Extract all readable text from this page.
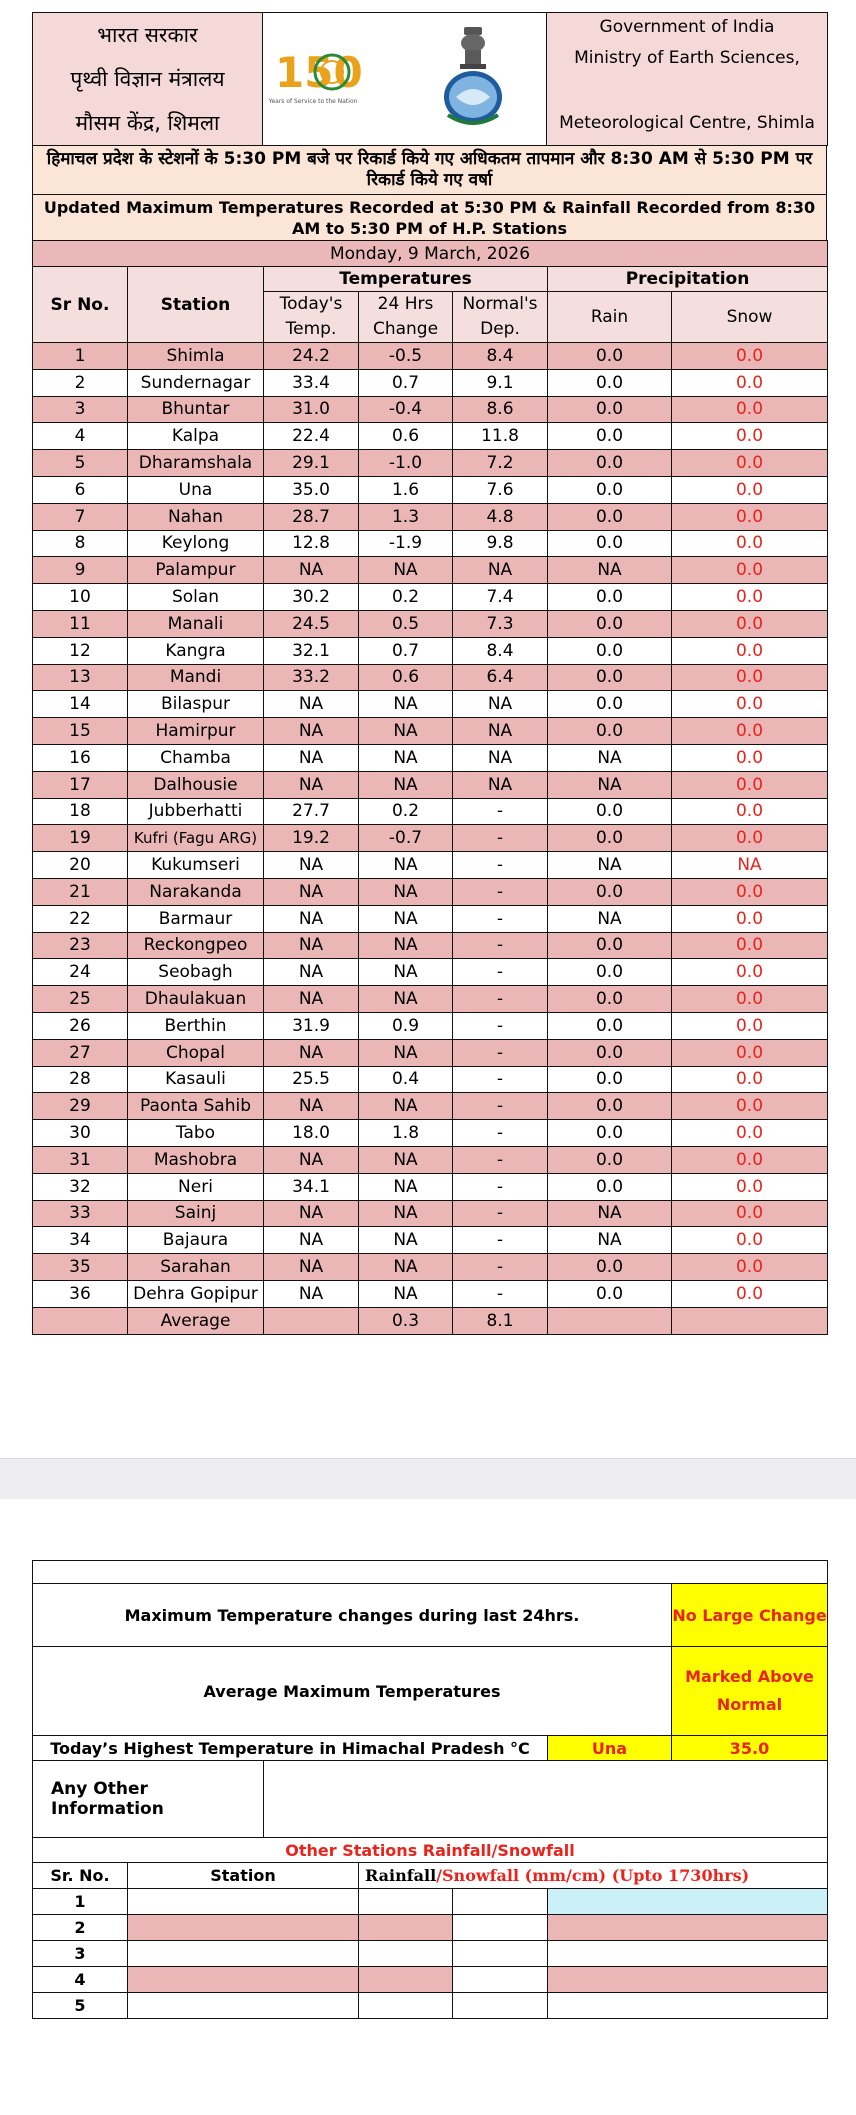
भारत सरकार
पृथ्वी विज्ञान मंत्रालय
मौसम केंद्र, शिमला

150
Years of Service to the Nation

Government of India
Ministry of Earth Sciences,
Meteorological Centre, Shimla
हिमाचल प्रदेश के स्टेशनों के 5:30 PM बजे पर रिकार्ड किये गए अधिकतम तापमान और 8:30 AM से 5:30 PM पर रिकार्ड किये गए वर्षा
Updated Maximum Temperatures Recorded at 5:30 PM & Rainfall Recorded from 8:30 AM to 5:30 PM of H.P. Stations
Monday, 9 March, 2026						
Sr No.	Station	Temperatures			Precipitation	
		Today's Temp.	24 Hrs Change	Normal's Dep.	Rain	Snow
1	Shimla	24.2	-0.5	8.4	0.0	0.0
2	Sundernagar	33.4	0.7	9.1	0.0	0.0
3	Bhuntar	31.0	-0.4	8.6	0.0	0.0
4	Kalpa	22.4	0.6	11.8	0.0	0.0
5	Dharamshala	29.1	-1.0	7.2	0.0	0.0
6	Una	35.0	1.6	7.6	0.0	0.0
7	Nahan	28.7	1.3	4.8	0.0	0.0
8	Keylong	12.8	-1.9	9.8	0.0	0.0
9	Palampur	NA	NA	NA	NA	0.0
10	Solan	30.2	0.2	7.4	0.0	0.0
11	Manali	24.5	0.5	7.3	0.0	0.0
12	Kangra	32.1	0.7	8.4	0.0	0.0
13	Mandi	33.2	0.6	6.4	0.0	0.0
14	Bilaspur	NA	NA	NA	0.0	0.0
15	Hamirpur	NA	NA	NA	0.0	0.0
16	Chamba	NA	NA	NA	NA	0.0
17	Dalhousie	NA	NA	NA	NA	0.0
18	Jubberhatti	27.7	0.2	-	0.0	0.0
19	Kufri (Fagu ARG)	19.2	-0.7	-	0.0	0.0
20	Kukumseri	NA	NA	-	NA	NA
21	Narakanda	NA	NA	-	0.0	0.0
22	Barmaur	NA	NA	-	NA	0.0
23	Reckongpeo	NA	NA	-	0.0	0.0
24	Seobagh	NA	NA	-	0.0	0.0
25	Dhaulakuan	NA	NA	-	0.0	0.0
26	Berthin	31.9	0.9	-	0.0	0.0
27	Chopal	NA	NA	-	0.0	0.0
28	Kasauli	25.5	0.4	-	0.0	0.0
29	Paonta Sahib	NA	NA	-	0.0	0.0
30	Tabo	18.0	1.8	-	0.0	0.0
31	Mashobra	NA	NA	-	0.0	0.0
32	Neri	34.1	NA	-	0.0	0.0
33	Sainj	NA	NA	-	NA	0.0
34	Bajaura	NA	NA	-	NA	0.0
35	Sarahan	NA	NA	-	0.0	0.0
36	Dehra Gopipur	NA	NA	-	0.0	0.0
	Average		0.3	8.1		

Maximum Temperature changes during last 24hrs.						No Large Change
Average Maximum Temperatures						Marked Above Normal
Today’s Highest Temperature in Himachal Pradesh °C					Una	35.0
Any Other Information						
Other Stations Rainfall/Snowfall						
Sr. No.	Station		Rainfall/Snowfall (mm/cm) (Upto 1730hrs)			
1						
2						
3						
4						
5						
